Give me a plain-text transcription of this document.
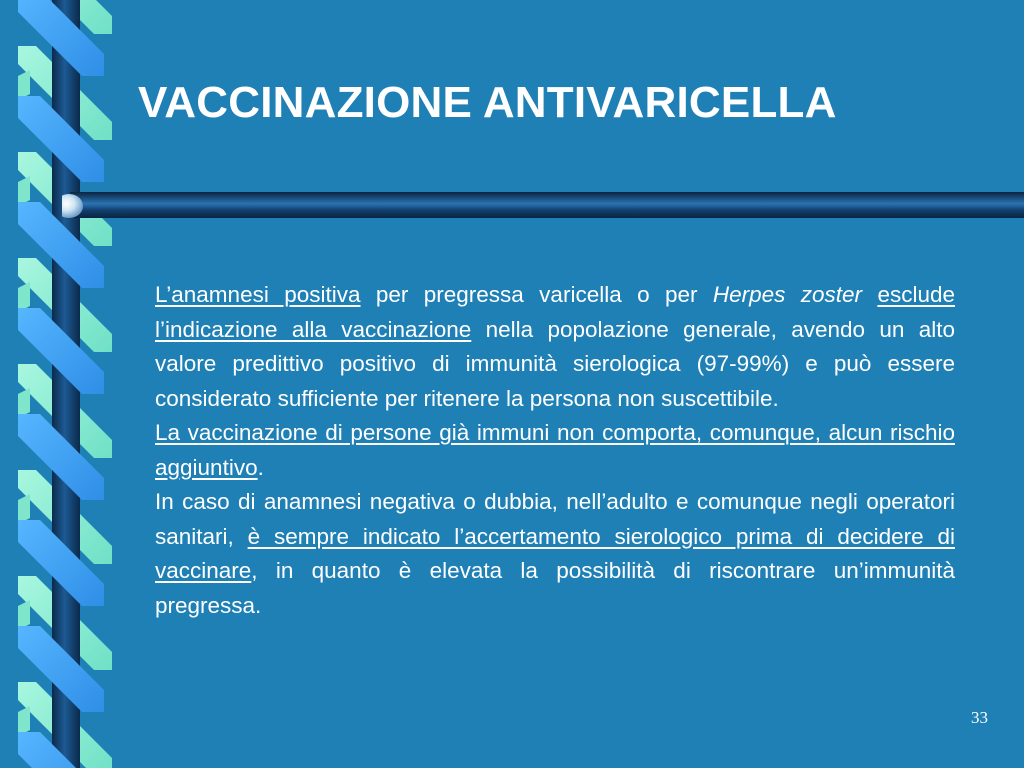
VACCINAZIONE ANTIVARICELLA

L’anamnesi positiva per pregressa varicella o per Herpes zoster esclude l’indicazione alla vaccinazione nella popolazione generale, avendo un alto valore predittivo positivo di immunità sierologica (97-99%) e può essere considerato sufficiente per ritenere la persona non suscettibile.

La vaccinazione di persone già immuni non comporta, comunque, alcun rischio aggiuntivo.

In caso di anamnesi negativa o dubbia, nell’adulto e comunque negli operatori sanitari, è sempre indicato l’accertamento sierologico prima di decidere di vaccinare, in quanto è elevata la possibilità di riscontrare un’immunità pregressa.

33
